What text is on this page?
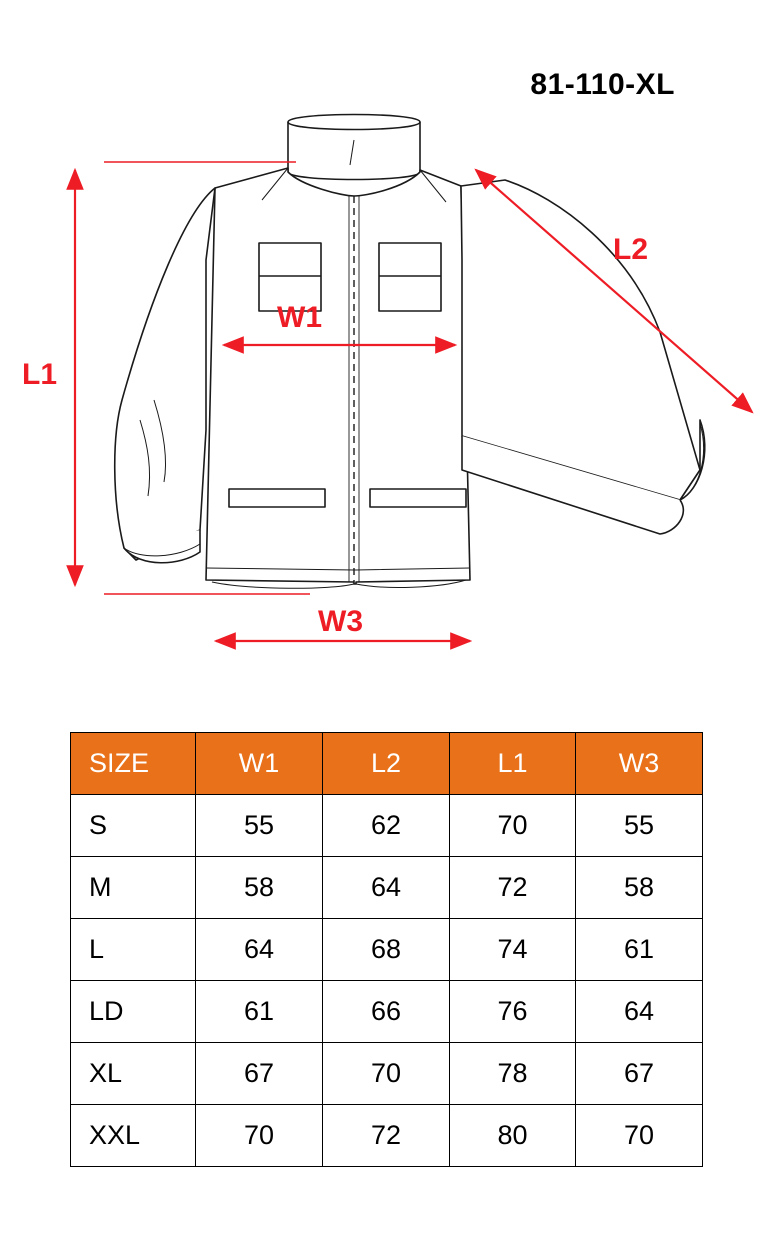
81-110-XL
L1
L2
W1
W3
SIZE	W1	L2	L1	W3
S	55	62	70	55
M	58	64	72	58
L	64	68	74	61
LD	61	66	76	64
XL	67	70	78	67
XXL	70	72	80	70
